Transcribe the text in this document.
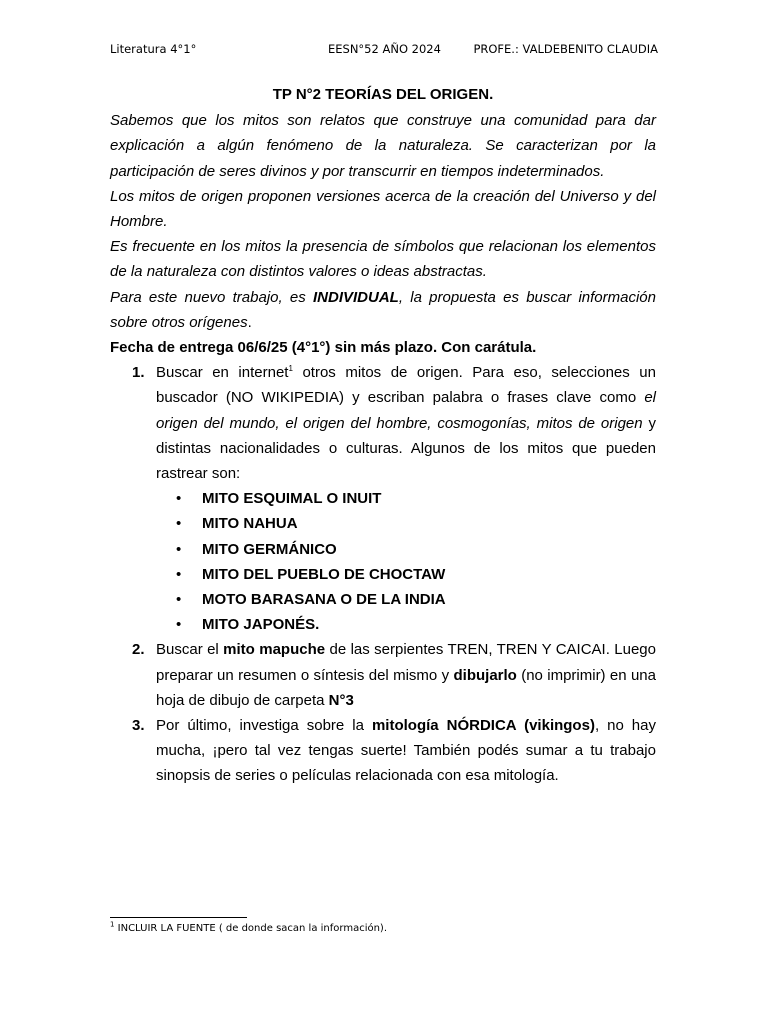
Literatura 4°1°	EESN°52 AÑO 2024	PROFE.: VALDEBENITO CLAUDIA

TP N°2 TEORÍAS DEL ORIGEN.

Sabemos que los mitos son relatos que construye una comunidad para dar explicación a algún fenómeno de la naturaleza. Se caracterizan por la participación de seres divinos y por transcurrir en tiempos indeterminados.

Los mitos de origen proponen versiones acerca de la creación del Universo y del Hombre.

Es frecuente en los mitos la presencia de símbolos que relacionan los elementos de la naturaleza con distintos valores o ideas abstractas.

Para este nuevo trabajo, es INDIVIDUAL, la propuesta es buscar información sobre otros orígenes.

Fecha de entrega 06/6/25 (4°1°) sin más plazo. Con carátula.

1. Buscar en internet$^1$ otros mitos de origen. Para eso, selecciones un buscador (NO WIKIPEDIA) y escriban palabra o frases clave como el origen del mundo, el origen del hombre, cosmogonías, mitos de origen y distintas nacionalidades o culturas. Algunos de los mitos que pueden rastrear son:
• MITO ESQUIMAL O INUIT
• MITO NAHUA
• MITO GERMÁNICO
• MITO DEL PUEBLO DE CHOCTAW
• MOTO BARASANA O DE LA INDIA
• MITO JAPONÉS.
2. Buscar el mito mapuche de las serpientes TREN, TREN Y CAICAI. Luego preparar un resumen o síntesis del mismo y dibujarlo (no imprimir) en una hoja de dibujo de carpeta N°3
3. Por último, investiga sobre la mitología NÓRDICA (vikingos), no hay mucha, ¡pero tal vez tengas suerte! También podés sumar a tu trabajo sinopsis de series o películas relacionada con esa mitología.
$^1$ INCLUIR LA FUENTE ( de donde sacan la información).
